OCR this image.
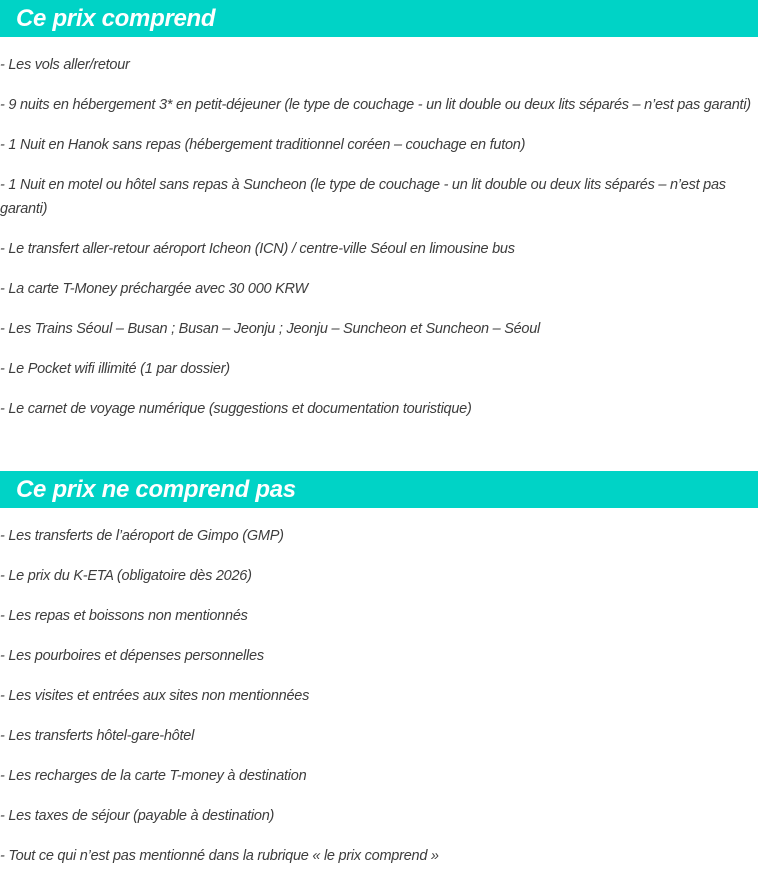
Ce prix comprend
- Les vols aller/retour
- 9 nuits en hébergement 3* en petit-déjeuner (le type de couchage - un lit double ou deux lits séparés – n’est pas garanti)
- 1 Nuit en Hanok sans repas (hébergement traditionnel coréen – couchage en futon)
- 1 Nuit en motel ou hôtel sans repas à Suncheon (le type de couchage - un lit double ou deux lits séparés – n’est pas garanti)
- Le transfert aller-retour aéroport Icheon (ICN) / centre-ville Séoul en limousine bus
- La carte T-Money préchargée avec 30 000 KRW
- Les Trains Séoul – Busan ; Busan – Jeonju ; Jeonju – Suncheon et Suncheon – Séoul
- Le Pocket wifi illimité (1 par dossier)
- Le carnet de voyage numérique (suggestions et documentation touristique)
Ce prix ne comprend pas
- Les transferts de l’aéroport de Gimpo (GMP)
- Le prix du K-ETA (obligatoire dès 2026)
- Les repas et boissons non mentionnés
- Les pourboires et dépenses personnelles
- Les visites et entrées aux sites non mentionnées
- Les transferts hôtel-gare-hôtel
- Les recharges de la carte T-money à destination
- Les taxes de séjour (payable à destination)
- Tout ce qui n’est pas mentionné dans la rubrique « le prix comprend »
